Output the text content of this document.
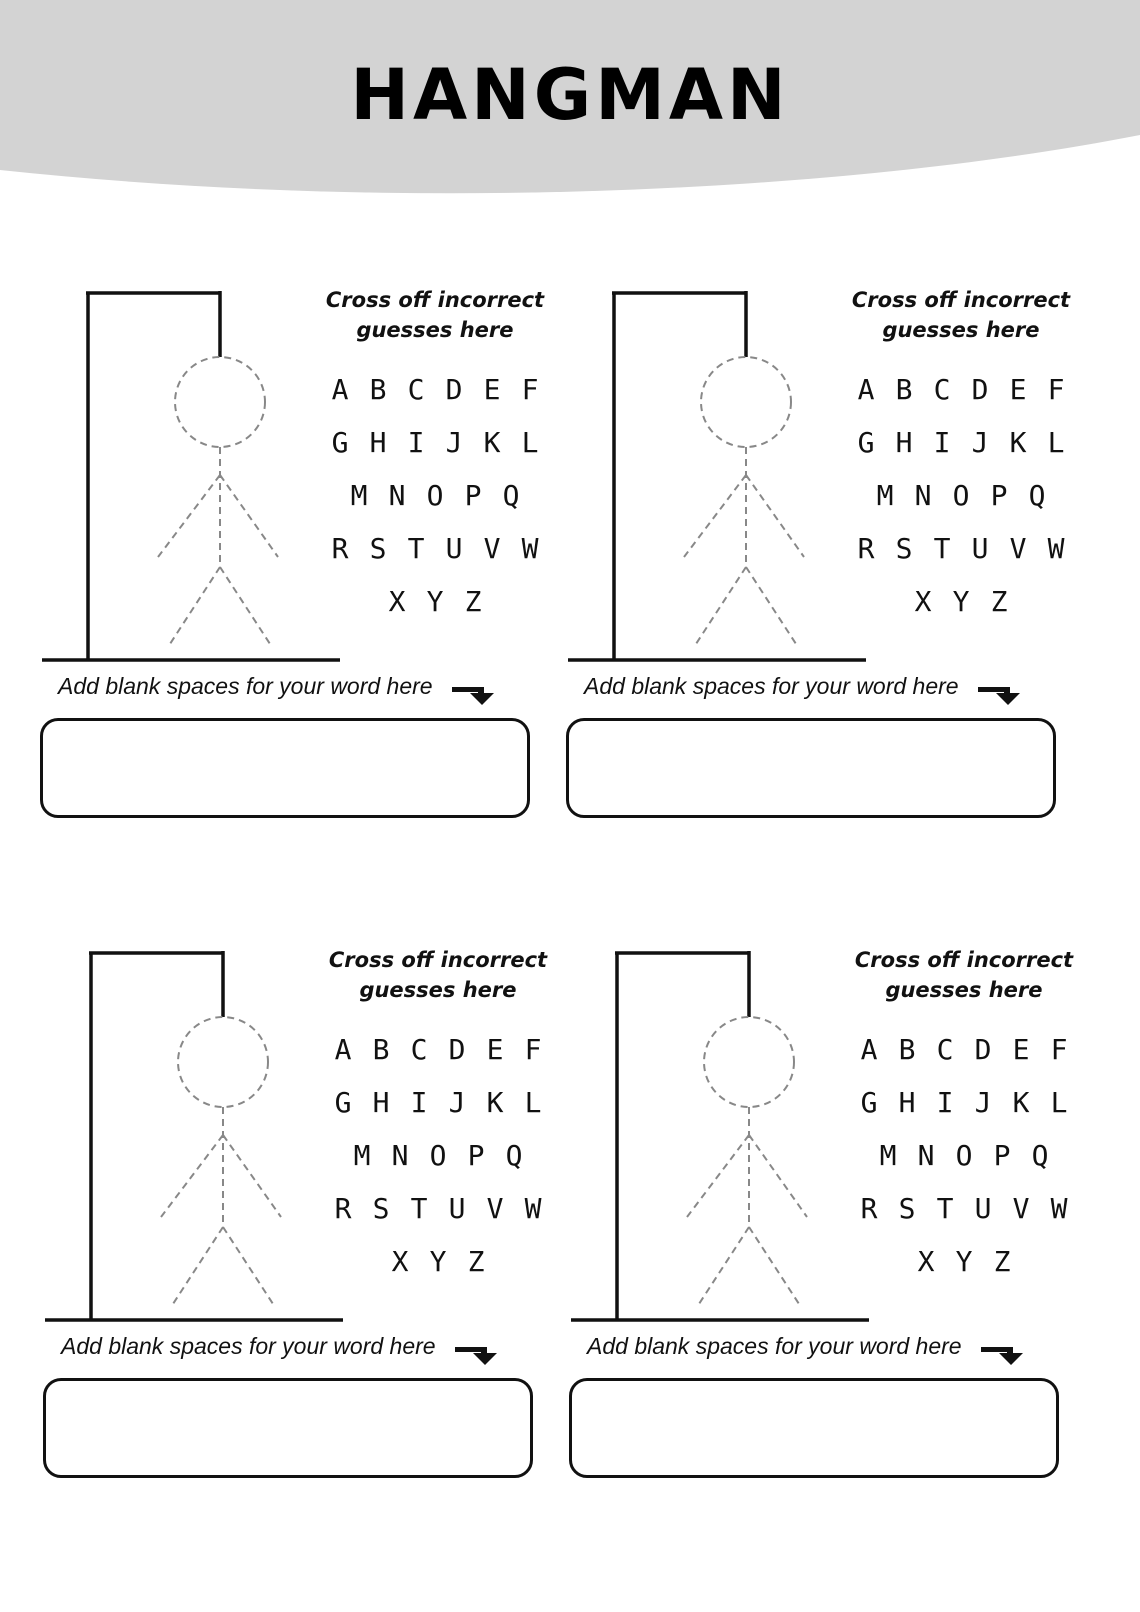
HANGMAN
Cross off incorrect
guesses here
A B C D E F
G H I J K L
M N O P Q
R S T U V W
X Y Z
Add blank spaces for your word here
Cross off incorrect
guesses here
A B C D E F
G H I J K L
M N O P Q
R S T U V W
X Y Z
Add blank spaces for your word here
Cross off incorrect
guesses here
A B C D E F
G H I J K L
M N O P Q
R S T U V W
X Y Z
Add blank spaces for your word here
Cross off incorrect
guesses here
A B C D E F
G H I J K L
M N O P Q
R S T U V W
X Y Z
Add blank spaces for your word here
